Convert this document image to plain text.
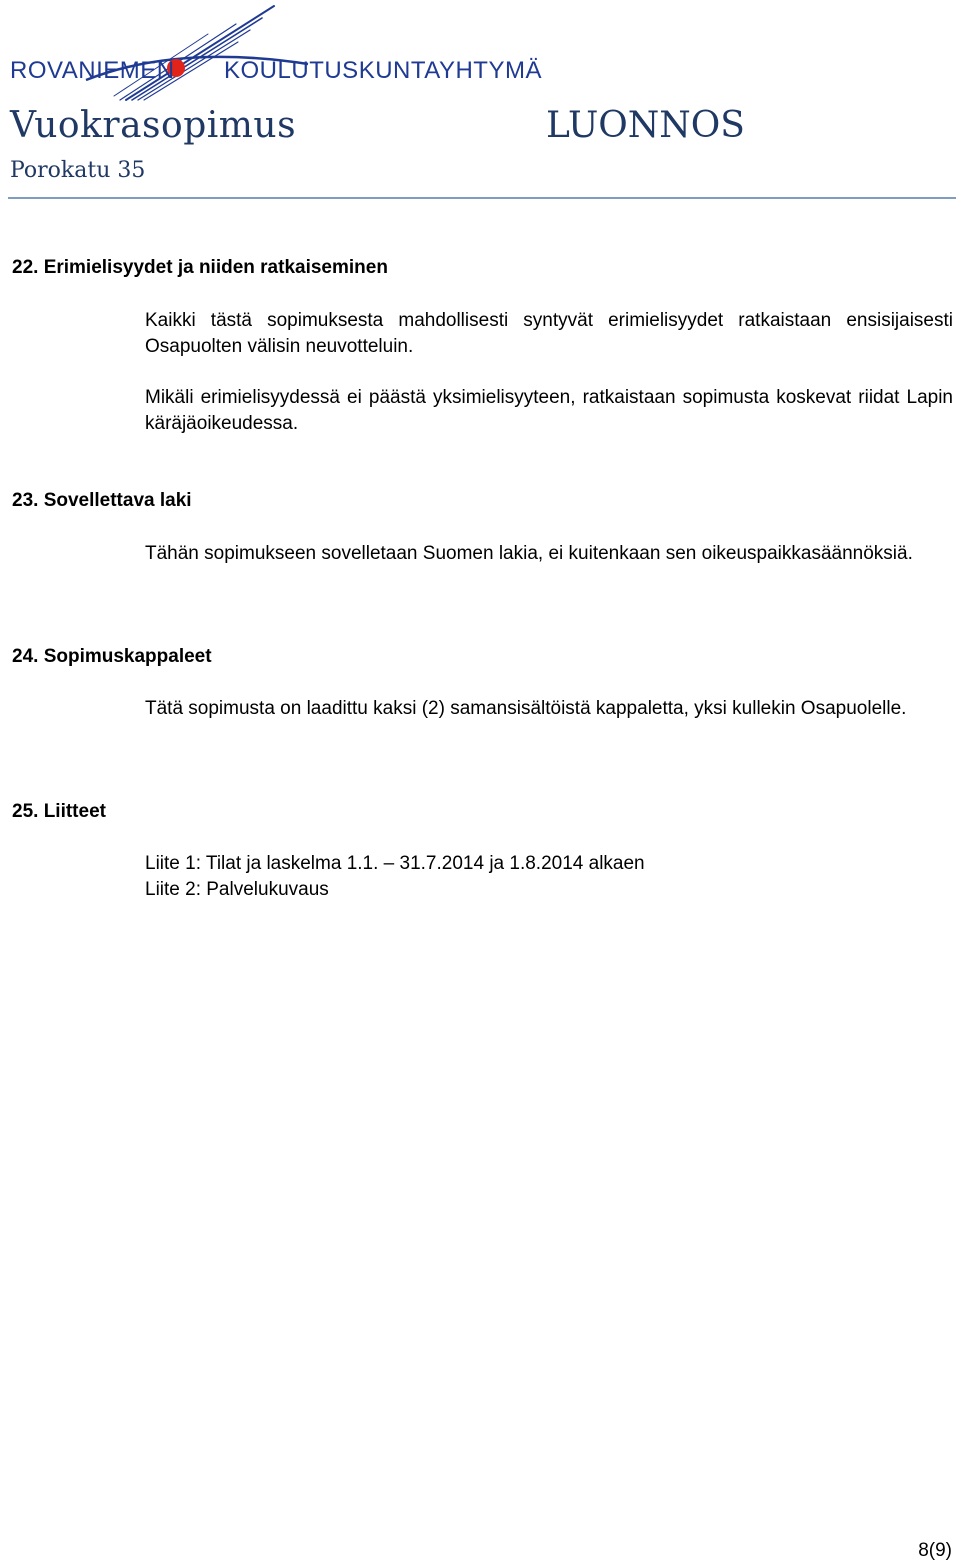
ROVANIEMEN KOULUTUSKUNTAYHTYMÄ
Vuokrasopimus	LUONNOS
Porokatu 35
22. Erimielisyydet ja niiden ratkaiseminen
Kaikki tästä sopimuksesta mahdollisesti syntyvät erimielisyydet ratkaistaan ensisijaisesti Osapuolten välisin neuvotteluin.
Mikäli erimielisyydessä ei päästä yksimielisyyteen, ratkaistaan sopimusta koskevat riidat Lapin käräjäoikeudessa.
23. Sovellettava laki
Tähän sopimukseen sovelletaan Suomen lakia, ei kuitenkaan sen oikeuspaikkasäännöksiä.
24. Sopimuskappaleet
Tätä sopimusta on laadittu kaksi (2) samansisältöistä kappaletta, yksi kullekin Osapuolelle.
25. Liitteet
Liite 1: Tilat ja laskelma 1.1. – 31.7.2014 ja 1.8.2014 alkaen
Liite 2: Palvelukuvaus
8(9)
